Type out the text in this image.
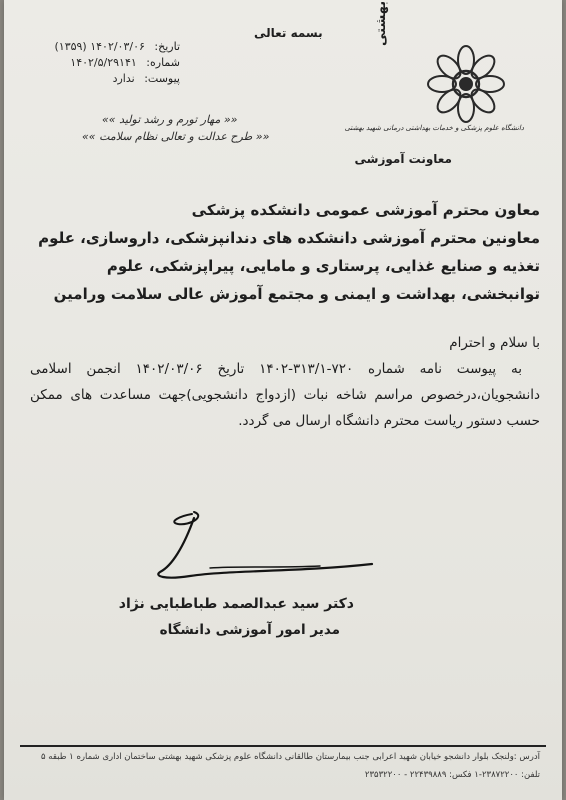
بسمه تعالی

تاریخ: ۱۴۰۲/۰۳/۰۶ (۱۳۵۹)
شماره: ۱۴۰۲/۵/۲۹۱۴۱
پیوست: ندارد

«« مهار تورم و رشد تولید »»

«« طرح عدالت و تعالی نظام سلامت »»

بهشتی

دانشگاه علوم پزشکی و خدمات بهداشتی درمانی شهید بهشتی

معاونت آموزشی

معاون محترم آموزشی عمومی دانشکده پزشکی

معاونین محترم آموزشی دانشکده های دندانپزشکی، داروسازی، علوم تغذیه و صنایع غذایی، پرستاری و مامایی، پیراپزشکی، علوم توانبخشی، بهداشت و ایمنی و مجتمع آموزش عالی سلامت ورامین

با سلام و احترام

به پیوست نامه شماره ۷۲۰-۳۱۳/۱-۱۴۰۲ تاریخ ۱۴۰۲/۰۳/۰۶ انجمن اسلامی دانشجویان،درخصوص مراسم شاخه نبات (ازدواج دانشجویی)جهت مساعدت های ممکن حسب دستور ریاست محترم دانشگاه ارسال می گردد.

دکتر سید عبدالصمد طباطبایی نژاد

مدیر امور آموزشی دانشگاه

آدرس :ولنجک بلوار دانشجو خیابان شهید اعرابی جنب بیمارستان طالقانی دانشگاه علوم پزشکی شهید بهشتی ساختمان اداری شماره ۱ طبقه ۵

تلفن: ۲۳۸۷۲۲۰۰-۱ فکس: ۲۲۴۳۹۸۸۹ - ۲۳۵۳۲۲۰۰
